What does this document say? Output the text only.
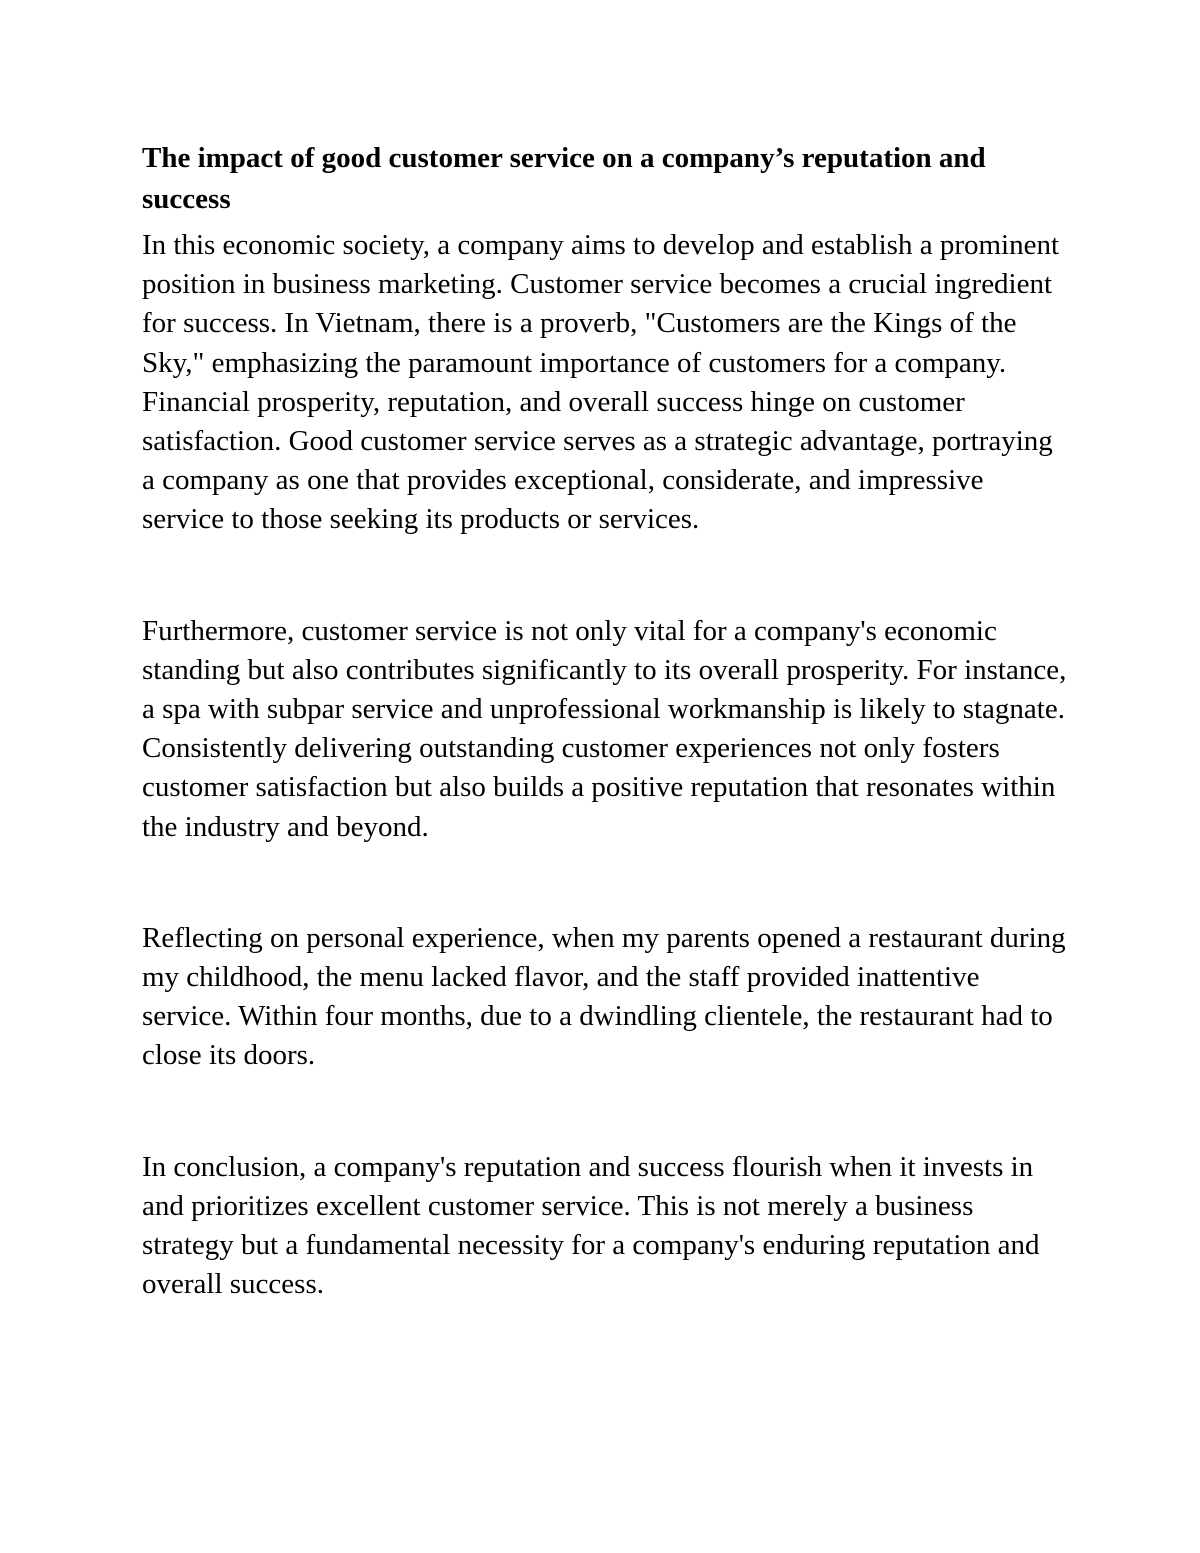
The impact of good customer service on a company’s reputation and success

In this economic society, a company aims to develop and establish a prominent position in business marketing. Customer service becomes a crucial ingredient for success. In Vietnam, there is a proverb, "Customers are the Kings of the Sky," emphasizing the paramount importance of customers for a company. Financial prosperity, reputation, and overall success hinge on customer satisfaction. Good customer service serves as a strategic advantage, portraying a company as one that provides exceptional, considerate, and impressive service to those seeking its products or services.

Furthermore, customer service is not only vital for a company's economic standing but also contributes significantly to its overall prosperity. For instance, a spa with subpar service and unprofessional workmanship is likely to stagnate. Consistently delivering outstanding customer experiences not only fosters customer satisfaction but also builds a positive reputation that resonates within the industry and beyond.

Reflecting on personal experience, when my parents opened a restaurant during my childhood, the menu lacked flavor, and the staff provided inattentive service. Within four months, due to a dwindling clientele, the restaurant had to close its doors.

In conclusion, a company's reputation and success flourish when it invests in and prioritizes excellent customer service. This is not merely a business strategy but a fundamental necessity for a company's enduring reputation and overall success.
